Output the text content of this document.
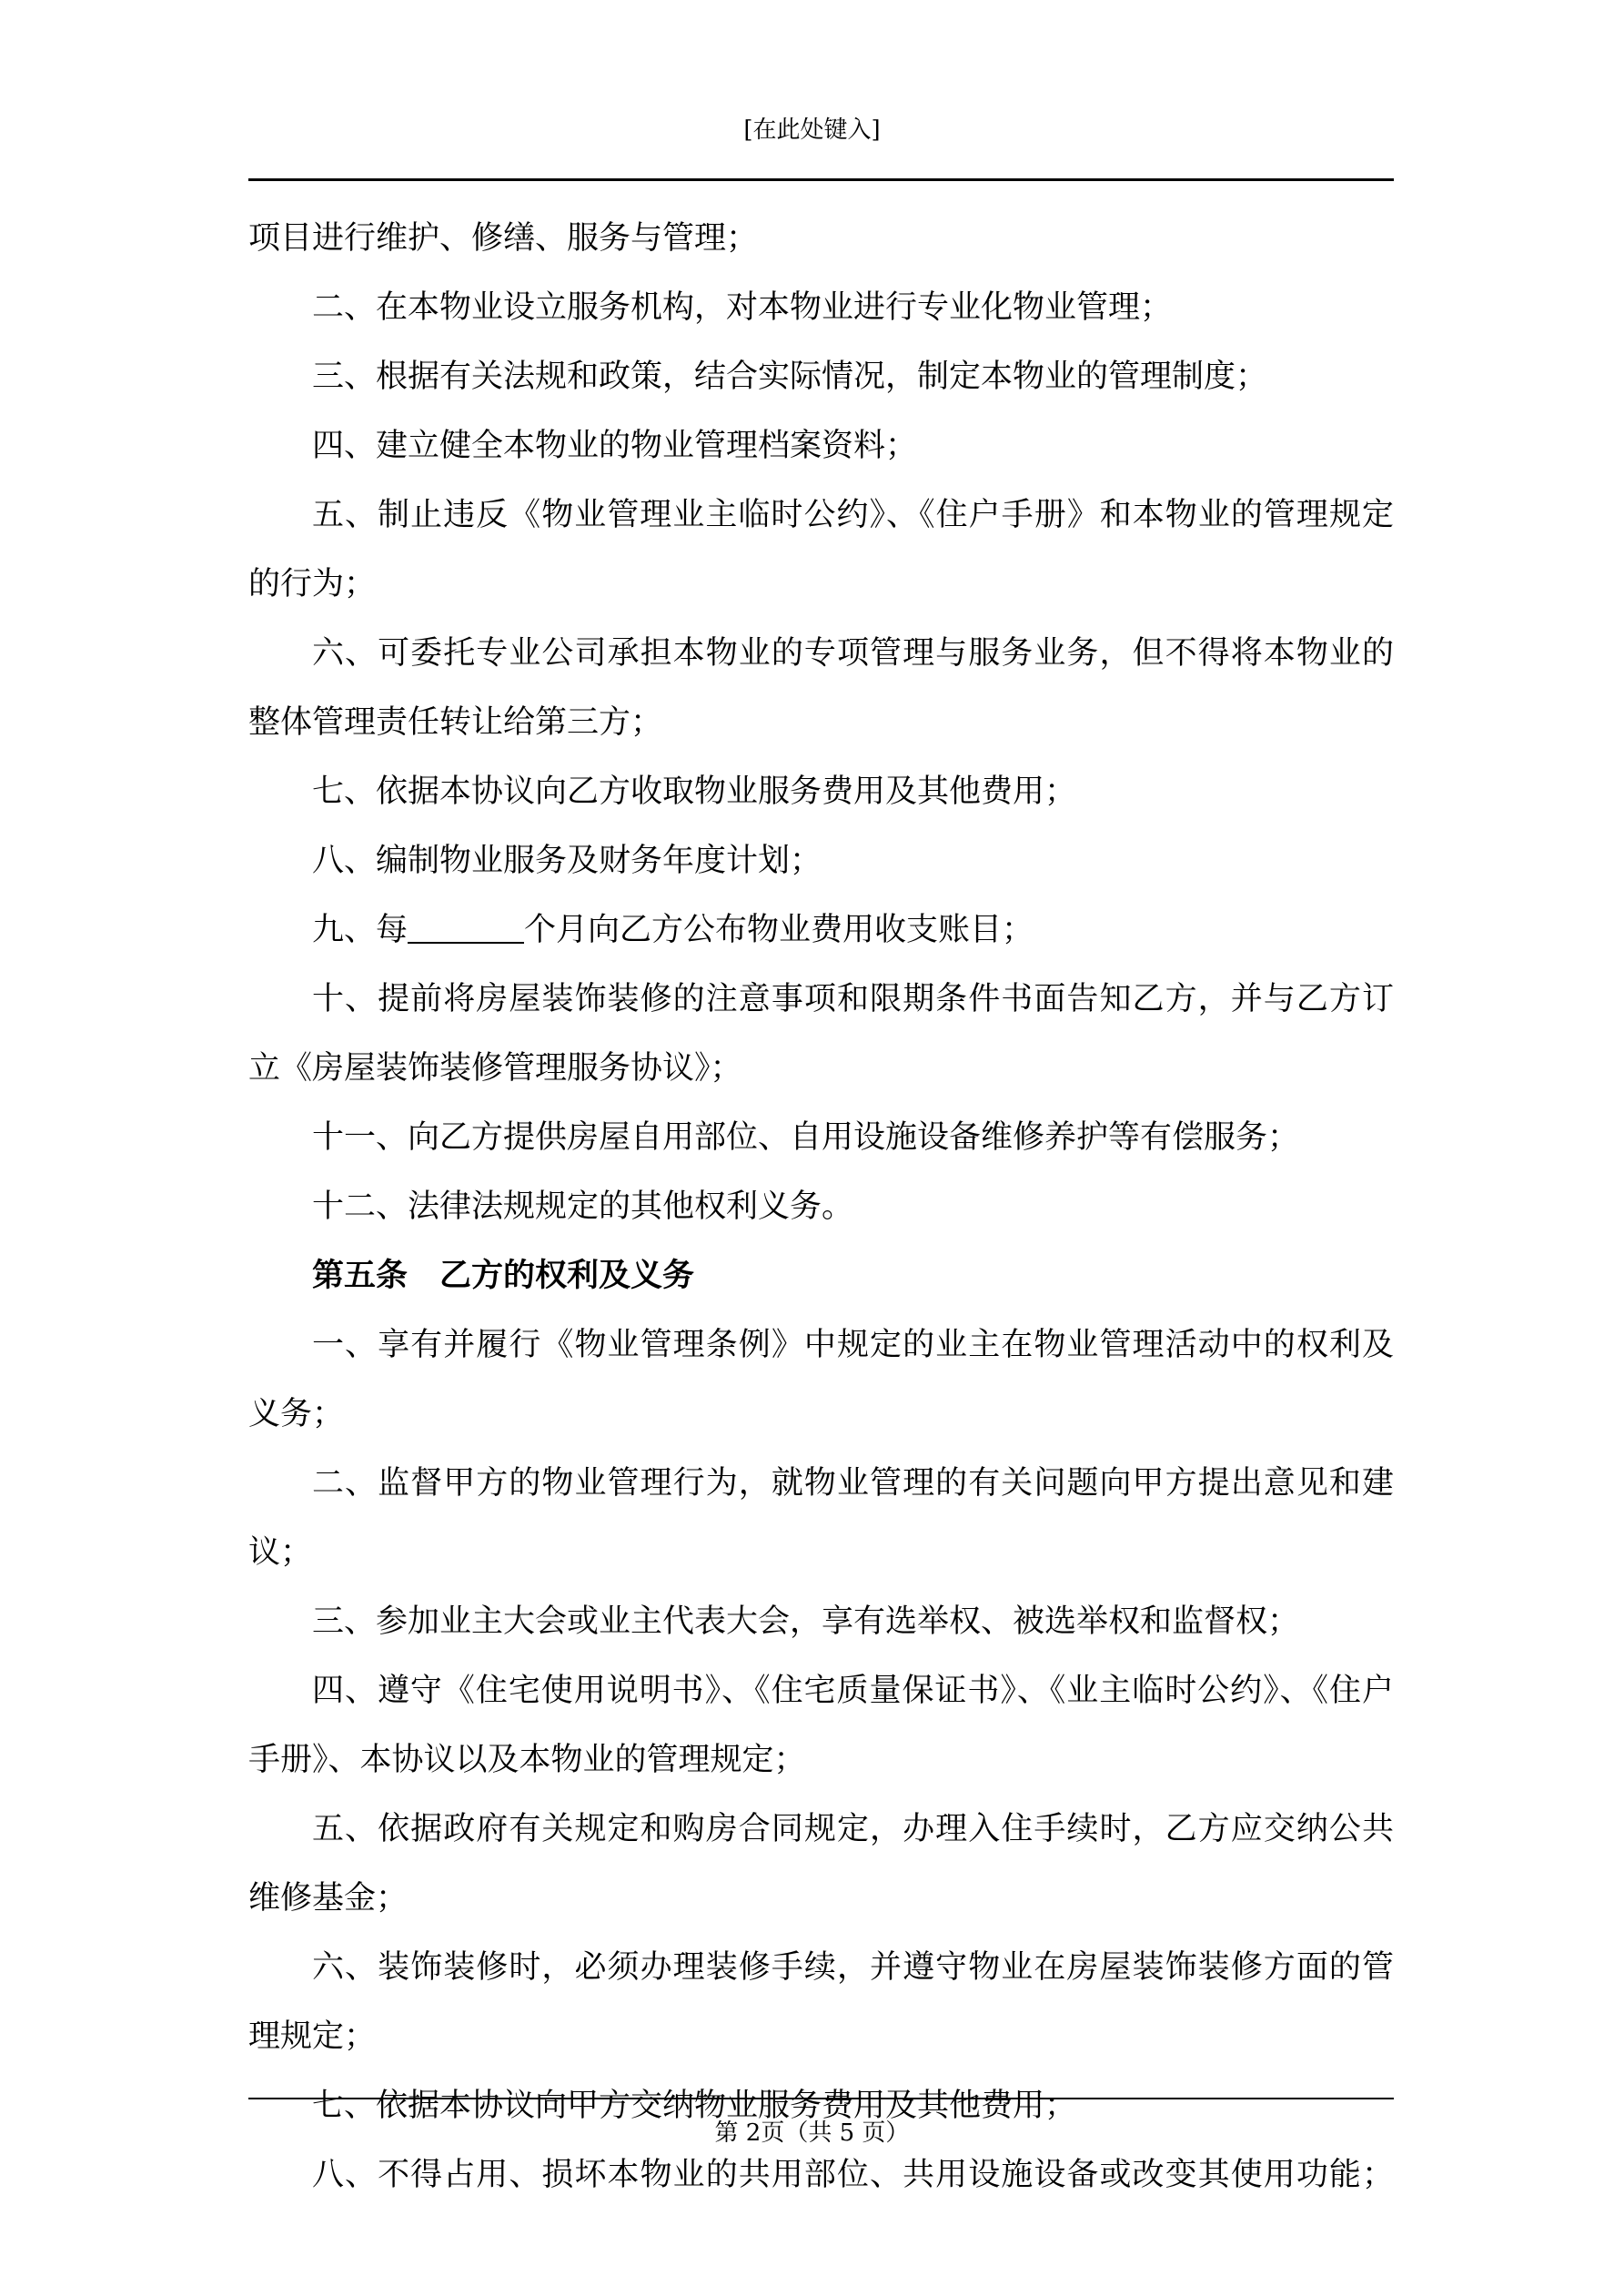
[在此处键入]
项目进行维护、修缮、服务与管理；
二、在本物业设立服务机构，对本物业进行专业化物业管理；
三、根据有关法规和政策，结合实际情况，制定本物业的管理制度；
四、建立健全本物业的物业管理档案资料；
五、制止违反《物业管理业主临时公约》、《住户手册》和本物业的管理规定
的行为；
六、可委托专业公司承担本物业的专项管理与服务业务，但不得将本物业的
整体管理责任转让给第三方；
七、依据本协议向乙方收取物业服务费用及其他费用；
八、编制物业服务及财务年度计划；
九、每	个月向乙方公布物业费用收支账目；
十、提前将房屋装饰装修的注意事项和限期条件书面告知乙方，并与乙方订
立《房屋装饰装修管理服务协议》；
十一、向乙方提供房屋自用部位、自用设施设备维修养护等有偿服务；
十二、法律法规规定的其他权利义务。
第五条　乙方的权利及义务
一、享有并履行《物业管理条例》中规定的业主在物业管理活动中的权利及
义务；
二、监督甲方的物业管理行为，就物业管理的有关问题向甲方提出意见和建
议；
三、参加业主大会或业主代表大会，享有选举权、被选举权和监督权；
四、遵守《住宅使用说明书》、《住宅质量保证书》、《业主临时公约》、《住户
手册》、本协议以及本物业的管理规定；
五、依据政府有关规定和购房合同规定，办理入住手续时，乙方应交纳公共
维修基金；
六、装饰装修时，必须办理装修手续，并遵守物业在房屋装饰装修方面的管
理规定；
七、依据本协议向甲方交纳物业服务费用及其他费用；
八、不得占用、损坏本物业的共用部位、共用设施设备或改变其使用功能；
第 2页（共 5 页）
